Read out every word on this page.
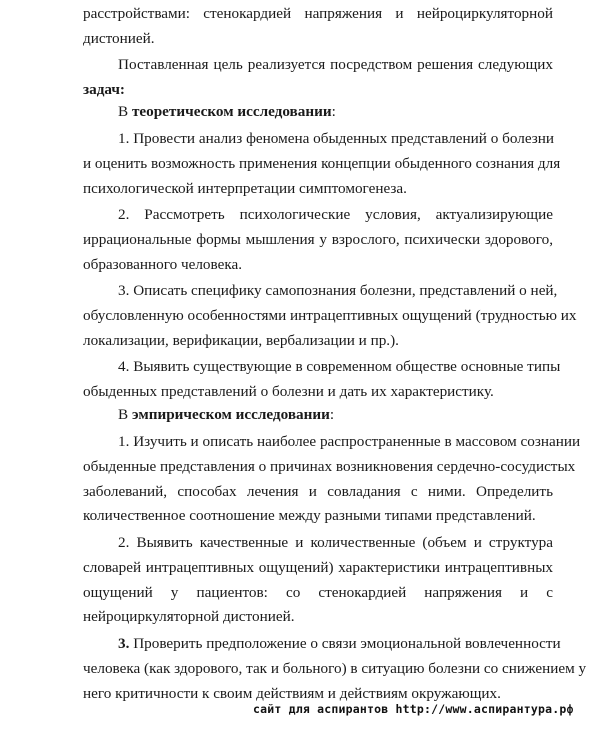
расстройствами: стенокардией напряжения и нейроциркуляторной
дистонией.
Поставленная цель реализуется посредством решения следующих
задач:
В теоретическом исследовании:
1. Провести анализ феномена обыденных представлений о болезни
и оценить возможность применения концепции обыденного сознания для
психологической интерпретации симптомогенеза.
2. Рассмотреть психологические условия, актуализирующие
иррациональные формы мышления у взрослого, психически здорового,
образованного человека.
3. Описать специфику самопознания болезни, представлений о ней,
обусловленную особенностями интрацептивных ощущений (трудностью их
локализации, верификации, вербализации и пр.).
4. Выявить существующие в современном обществе основные типы
обыденных представлений о болезни и дать их характеристику.
В эмпирическом исследовании:
1. Изучить и описать наиболее распространенные в массовом сознании
обыденные представления о причинах возникновения сердечно-сосудистых
заболеваний, способах лечения и совладания с ними. Определить
количественное соотношение между разными типами представлений.
2. Выявить качественные и количественные (объем и структура
словарей интрацептивных ощущений) характеристики интрацептивных
ощущений у пациентов: со стенокардией напряжения и с
нейроциркуляторной дистонией.
3. Проверить предположение о связи эмоциональной вовлеченности
человека (как здорового, так и больного) в ситуацию болезни со снижением у
него критичности к своим действиям и действиям окружающих.
сайт для аспирантов http://www.аспирантура.рф
